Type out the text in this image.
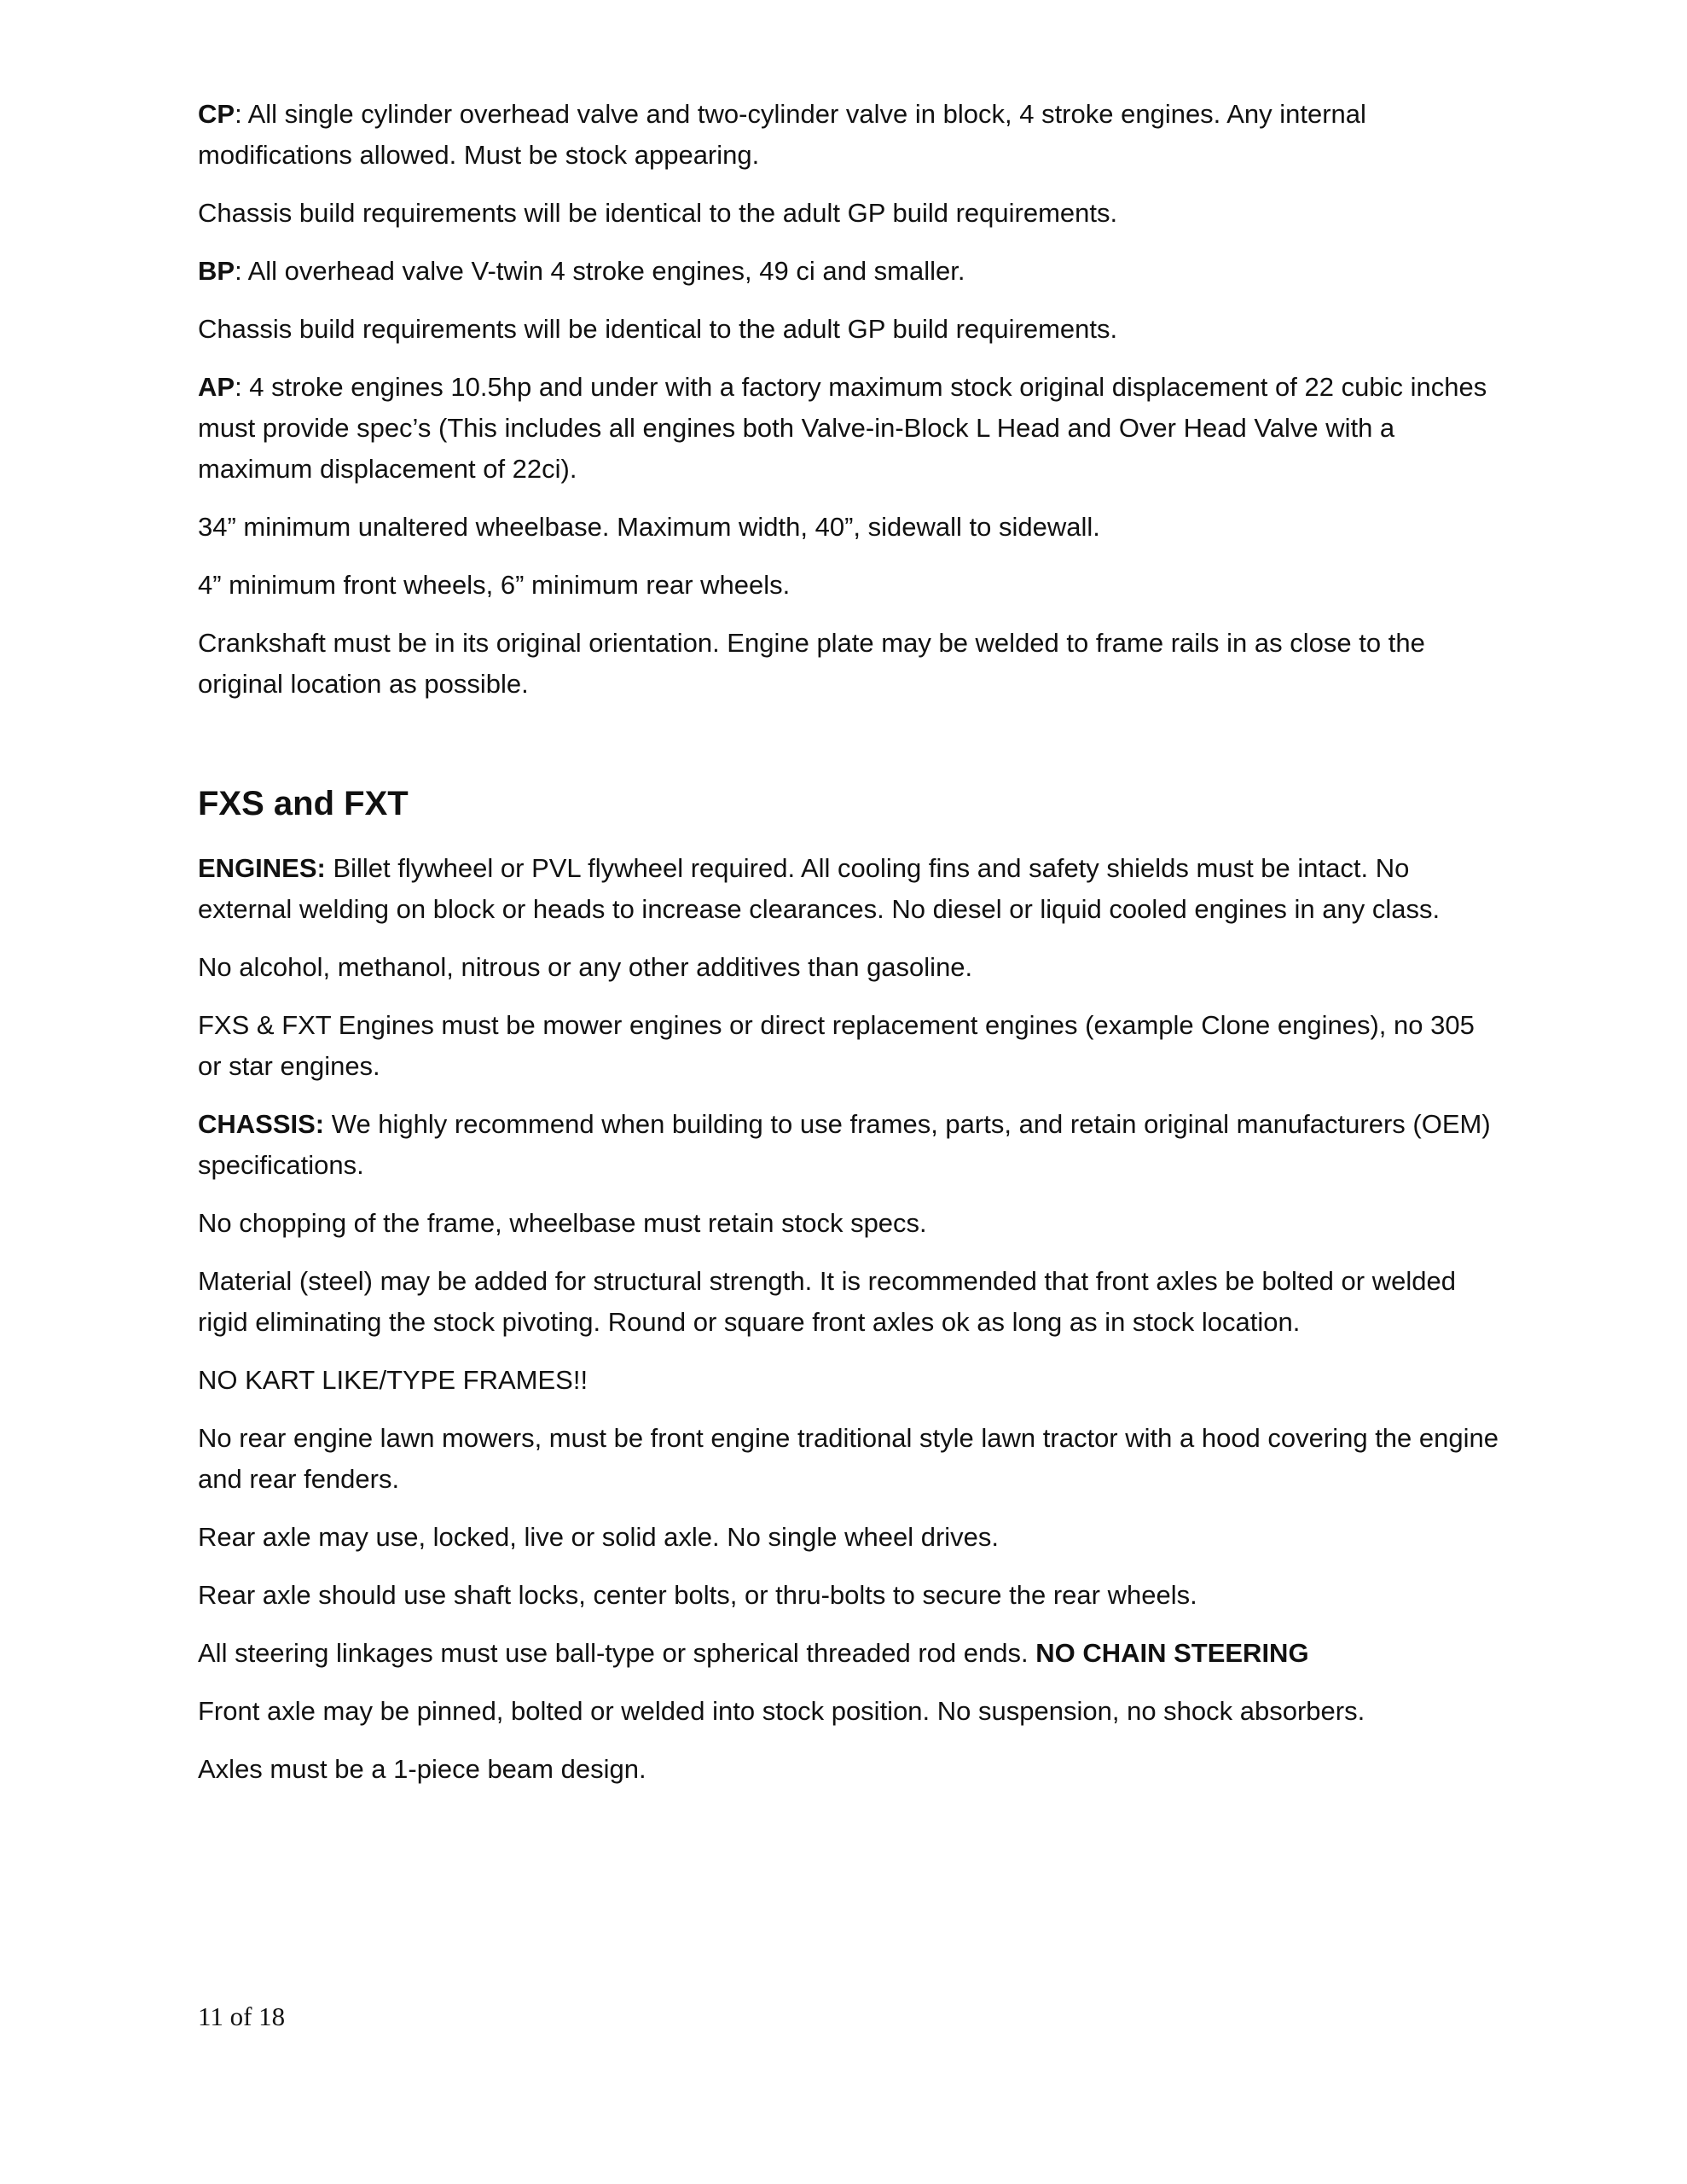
CP: All single cylinder overhead valve and two-cylinder valve in block, 4 stroke engines. Any internal modifications allowed. Must be stock appearing.

Chassis build requirements will be identical to the adult GP build requirements.

BP: All overhead valve V-twin 4 stroke engines, 49 ci and smaller.

Chassis build requirements will be identical to the adult GP build requirements.

AP: 4 stroke engines 10.5hp and under with a factory maximum stock original displacement of 22 cubic inches must provide spec’s (This includes all engines both Valve-in-Block L Head and Over Head Valve with a maximum displacement of 22ci).

34” minimum unaltered wheelbase. Maximum width, 40”, sidewall to sidewall.

4” minimum front wheels, 6” minimum rear wheels.

Crankshaft must be in its original orientation. Engine plate may be welded to frame rails in as close to the original location as possible.

FXS and FXT

ENGINES: Billet flywheel or PVL flywheel required. All cooling fins and safety shields must be intact. No external welding on block or heads to increase clearances. No diesel or liquid cooled engines in any class.

No alcohol, methanol, nitrous or any other additives than gasoline.

FXS & FXT Engines must be mower engines or direct replacement engines (example Clone engines), no 305 or star engines.

CHASSIS: We highly recommend when building to use frames, parts, and retain original manufacturers (OEM) specifications.

No chopping of the frame, wheelbase must retain stock specs.

Material (steel) may be added for structural strength. It is recommended that front axles be bolted or welded rigid eliminating the stock pivoting. Round or square front axles ok as long as in stock location.

NO KART LIKE/TYPE FRAMES!!

No rear engine lawn mowers, must be front engine traditional style lawn tractor with a hood covering the engine and rear fenders.

Rear axle may use, locked, live or solid axle. No single wheel drives.

Rear axle should use shaft locks, center bolts, or thru-bolts to secure the rear wheels.

All steering linkages must use ball-type or spherical threaded rod ends. NO CHAIN STEERING

Front axle may be pinned, bolted or welded into stock position. No suspension, no shock absorbers.

Axles must be a 1-piece beam design.

11 of 18
